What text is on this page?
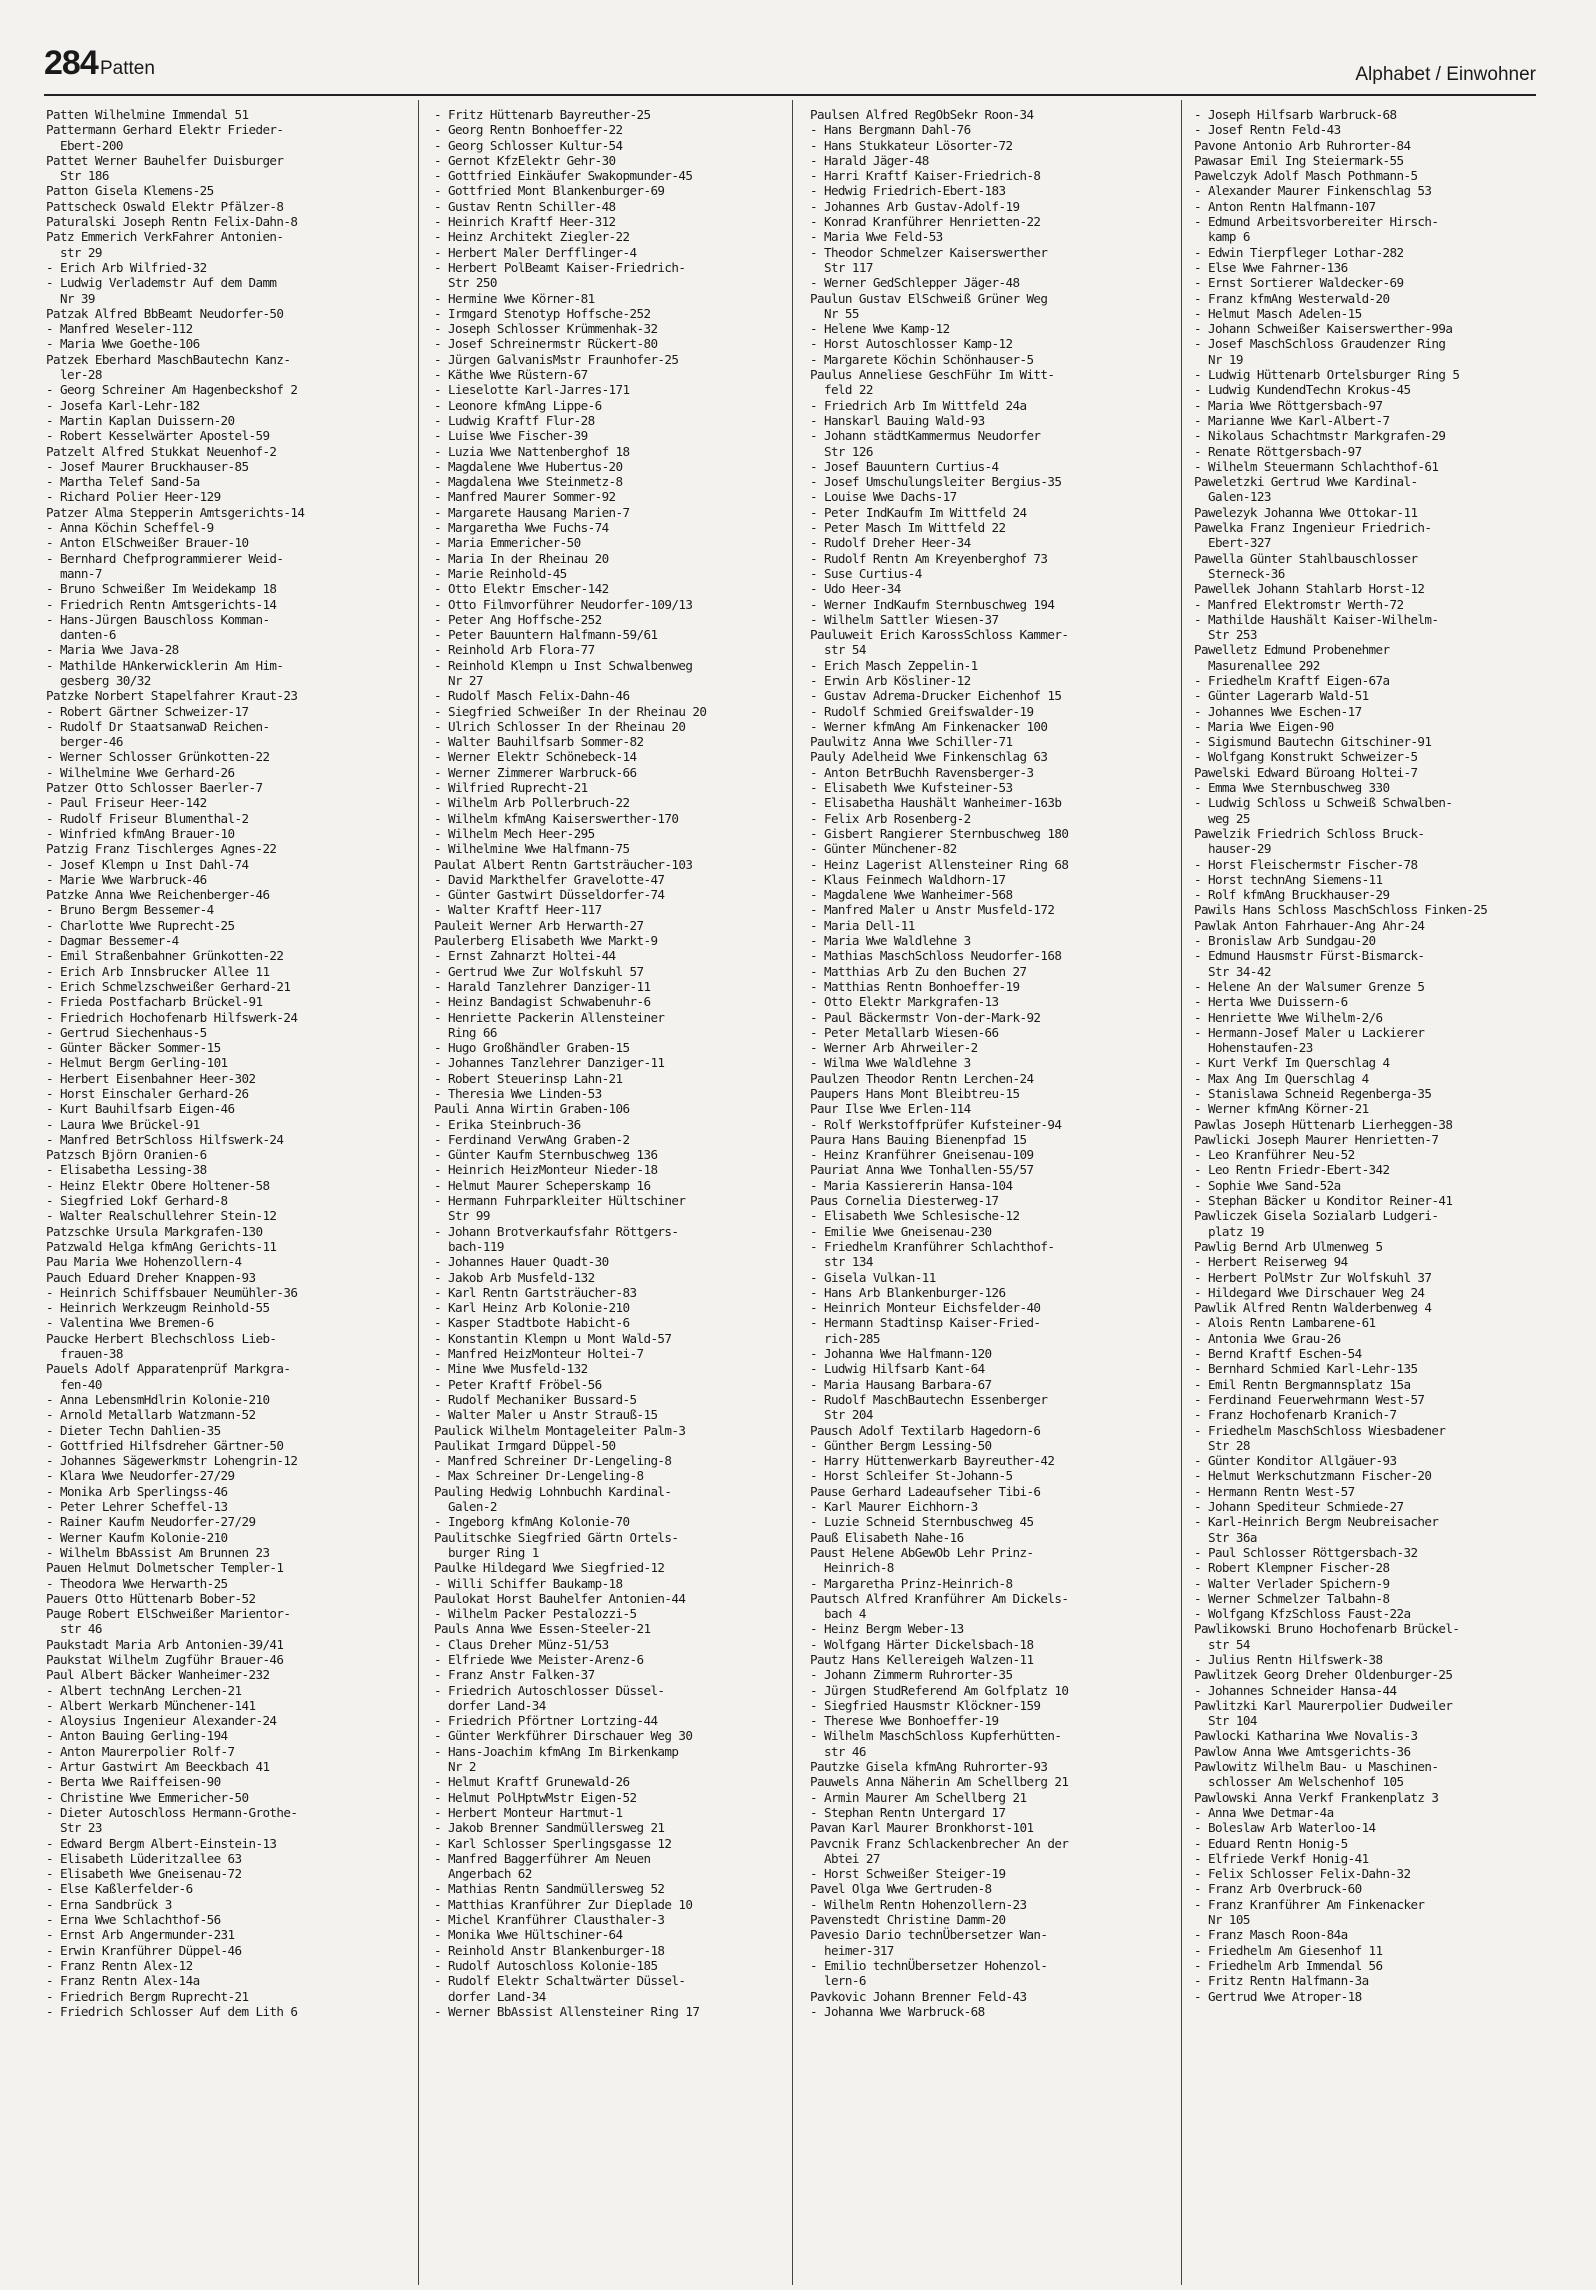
284 Patten	Alphabet / Einwohner
Patten Wilhelmine Immendal 51
Pattermann Gerhard Elektr Frieder-
Ebert-200
Pattet Werner Bauhelfer Duisburger
Str 186
Patton Gisela Klemens-25
Pattscheck Oswald Elektr Pfälzer-8
Paturalski Joseph Rentn Felix-Dahn-8
Patz Emmerich VerkFahrer Antonien-
str 29
- Erich Arb Wilfried-32
- Ludwig Verlademstr Auf dem Damm
Nr 39
Patzak Alfred BbBeamt Neudorfer-50
- Manfred Weseler-112
- Maria Wwe Goethe-106
Patzek Eberhard MaschBautechn Kanz-
ler-28
- Georg Schreiner Am Hagenbeckshof 2
- Josefa Karl-Lehr-182
- Martin Kaplan Duissern-20
- Robert Kesselwärter Apostel-59
Patzelt Alfred Stukkat Neuenhof-2
- Josef Maurer Bruckhauser-85
- Martha Telef Sand-5a
- Richard Polier Heer-129
Patzer Alma Stepperin Amtsgerichts-14
- Anna Köchin Scheffel-9
- Anton ElSchweißer Brauer-10
- Bernhard Chefprogrammierer Weid-
mann-7
- Bruno Schweißer Im Weidekamp 18
- Friedrich Rentn Amtsgerichts-14
- Hans-Jürgen Bauschloss Komman-
danten-6
- Maria Wwe Java-28
- Mathilde HAnkerwicklerin Am Him-
gesberg 30/32
Patzke Norbert Stapelfahrer Kraut-23
- Robert Gärtner Schweizer-17
- Rudolf Dr StaatsanwaD Reichen-
berger-46
- Werner Schlosser Grünkotten-22
- Wilhelmine Wwe Gerhard-26
Patzer Otto Schlosser Baerler-7
- Paul Friseur Heer-142
- Rudolf Friseur Blumenthal-2
- Winfried kfmAng Brauer-10
Patzig Franz Tischlerges Agnes-22
- Josef Klempn u Inst Dahl-74
- Marie Wwe Warbruck-46
Patzke Anna Wwe Reichenberger-46
- Bruno Bergm Bessemer-4
- Charlotte Wwe Ruprecht-25
- Dagmar Bessemer-4
- Emil Straßenbahner Grünkotten-22
- Erich Arb Innsbrucker Allee 11
- Erich Schmelzschweißer Gerhard-21
- Frieda Postfacharb Brückel-91
- Friedrich Hochofenarb Hilfswerk-24
- Gertrud Siechenhaus-5
- Günter Bäcker Sommer-15
- Helmut Bergm Gerling-101
- Herbert Eisenbahner Heer-302
- Horst Einschaler Gerhard-26
- Kurt Bauhilfsarb Eigen-46
- Laura Wwe Brückel-91
- Manfred BetrSchloss Hilfswerk-24
Patzsch Björn Oranien-6
- Elisabetha Lessing-38
- Heinz Elektr Obere Holtener-58
- Siegfried Lokf Gerhard-8
- Walter Realschullehrer Stein-12
Patzschke Ursula Markgrafen-130
Patzwald Helga kfmAng Gerichts-11
Pau Maria Wwe Hohenzollern-4
Pauch Eduard Dreher Knappen-93
- Heinrich Schiffsbauer Neumühler-36
- Heinrich Werkzeugm Reinhold-55
- Valentina Wwe Bremen-6
Paucke Herbert Blechschloss Lieb-
frauen-38
Pauels Adolf Apparatenprüf Markgra-
fen-40
- Anna LebensmHdlrin Kolonie-210
- Arnold Metallarb Watzmann-52
- Dieter Techn Dahlien-35
- Gottfried Hilfsdreher Gärtner-50
- Johannes Sägewerkmstr Lohengrin-12
- Klara Wwe Neudorfer-27/29
- Monika Arb Sperlingss-46
- Peter Lehrer Scheffel-13
- Rainer Kaufm Neudorfer-27/29
- Werner Kaufm Kolonie-210
- Wilhelm BbAssist Am Brunnen 23
Pauen Helmut Dolmetscher Templer-1
- Theodora Wwe Herwarth-25
Pauers Otto Hüttenarb Bober-52
Pauge Robert ElSchweißer Marientor-
str 46
Paukstadt Maria Arb Antonien-39/41
Paukstat Wilhelm Zugführ Brauer-46
Paul Albert Bäcker Wanheimer-232
- Albert technAng Lerchen-21
- Albert Werkarb Münchener-141
- Aloysius Ingenieur Alexander-24
- Anton Bauing Gerling-194
- Anton Maurerpolier Rolf-7
- Artur Gastwirt Am Beeckbach 41
- Berta Wwe Raiffeisen-90
- Christine Wwe Emmericher-50
- Dieter Autoschloss Hermann-Grothe-
Str 23
- Edward Bergm Albert-Einstein-13
- Elisabeth Lüderitzallee 63
- Elisabeth Wwe Gneisenau-72
- Else Kaßlerfelder-6
- Erna Sandbrück 3
- Erna Wwe Schlachthof-56
- Ernst Arb Angermunder-231
- Erwin Kranführer Düppel-46
- Franz Rentn Alex-12
- Franz Rentn Alex-14a
- Friedrich Bergm Ruprecht-21
- Friedrich Schlosser Auf dem Lith 6
- Fritz Hüttenarb Bayreuther-25
- Georg Rentn Bonhoeffer-22
- Georg Schlosser Kultur-54
- Gernot KfzElektr Gehr-30
- Gottfried Einkäufer Swakopmunder-45
- Gottfried Mont Blankenburger-69
- Gustav Rentn Schiller-48
- Heinrich Kraftf Heer-312
- Heinz Architekt Ziegler-22
- Herbert Maler Derfflinger-4
- Herbert PolBeamt Kaiser-Friedrich-
Str 250
- Hermine Wwe Körner-81
- Irmgard Stenotyp Hoffsche-252
- Joseph Schlosser Krümmenhak-32
- Josef Schreinermstr Rückert-80
- Jürgen GalvanisMstr Fraunhofer-25
- Käthe Wwe Rüstern-67
- Lieselotte Karl-Jarres-171
- Leonore kfmAng Lippe-6
- Ludwig Kraftf Flur-28
- Luise Wwe Fischer-39
- Luzia Wwe Nattenberghof 18
- Magdalene Wwe Hubertus-20
- Magdalena Wwe Steinmetz-8
- Manfred Maurer Sommer-92
- Margarete Hausang Marien-7
- Margaretha Wwe Fuchs-74
- Maria Emmericher-50
- Maria In der Rheinau 20
- Marie Reinhold-45
- Otto Elektr Emscher-142
- Otto Filmvorführer Neudorfer-109/13
- Peter Ang Hoffsche-252
- Peter Bauuntern Halfmann-59/61
- Reinhold Arb Flora-77
- Reinhold Klempn u Inst Schwalbenweg
Nr 27
- Rudolf Masch Felix-Dahn-46
- Siegfried Schweißer In der Rheinau 20
- Ulrich Schlosser In der Rheinau 20
- Walter Bauhilfsarb Sommer-82
- Werner Elektr Schönebeck-14
- Werner Zimmerer Warbruck-66
- Wilfried Ruprecht-21
- Wilhelm Arb Pollerbruch-22
- Wilhelm kfmAng Kaiserswerther-170
- Wilhelm Mech Heer-295
- Wilhelmine Wwe Halfmann-75
Paulat Albert Rentn Gartsträucher-103
- David Markthelfer Gravelotte-47
- Günter Gastwirt Düsseldorfer-74
- Walter Kraftf Heer-117
Pauleit Werner Arb Herwarth-27
Paulerberg Elisabeth Wwe Markt-9
- Ernst Zahnarzt Holtei-44
- Gertrud Wwe Zur Wolfskuhl 57
- Harald Tanzlehrer Danziger-11
- Heinz Bandagist Schwabenuhr-6
- Henriette Packerin Allensteiner
Ring 66
- Hugo Großhändler Graben-15
- Johannes Tanzlehrer Danziger-11
- Robert Steuerinsp Lahn-21
- Theresia Wwe Linden-53
Pauli Anna Wirtin Graben-106
- Erika Steinbruch-36
- Ferdinand VerwAng Graben-2
- Günter Kaufm Sternbuschweg 136
- Heinrich HeizMonteur Nieder-18
- Helmut Maurer Scheperskamp 16
- Hermann Fuhrparkleiter Hültschiner
Str 99
- Johann Brotverkaufsfahr Röttgers-
bach-119
- Johannes Hauer Quadt-30
- Jakob Arb Musfeld-132
- Karl Rentn Gartsträucher-83
- Karl Heinz Arb Kolonie-210
- Kasper Stadtbote Habicht-6
- Konstantin Klempn u Mont Wald-57
- Manfred HeizMonteur Holtei-7
- Mine Wwe Musfeld-132
- Peter Kraftf Fröbel-56
- Rudolf Mechaniker Bussard-5
- Walter Maler u Anstr Strauß-15
Paulick Wilhelm Montageleiter Palm-3
Paulikat Irmgard Düppel-50
- Manfred Schreiner Dr-Lengeling-8
- Max Schreiner Dr-Lengeling-8
Pauling Hedwig Lohnbuchh Kardinal-
Galen-2
- Ingeborg kfmAng Kolonie-70
Paulitschke Siegfried Gärtn Ortels-
burger Ring 1
Paulke Hildegard Wwe Siegfried-12
- Willi Schiffer Baukamp-18
Paulokat Horst Bauhelfer Antonien-44
- Wilhelm Packer Pestalozzi-5
Pauls Anna Wwe Essen-Steeler-21
- Claus Dreher Münz-51/53
- Elfriede Wwe Meister-Arenz-6
- Franz Anstr Falken-37
- Friedrich Autoschlosser Düssel-
dorfer Land-34
- Friedrich Pförtner Lortzing-44
- Günter Werkführer Dirschauer Weg 30
- Hans-Joachim kfmAng Im Birkenkamp
Nr 2
- Helmut Kraftf Grunewald-26
- Helmut PolHptwMstr Eigen-52
- Herbert Monteur Hartmut-1
- Jakob Brenner Sandmüllersweg 21
- Karl Schlosser Sperlingsgasse 12
- Manfred Baggerführer Am Neuen
Angerbach 62
- Mathias Rentn Sandmüllersweg 52
- Matthias Kranführer Zur Dieplade 10
- Michel Kranführer Clausthaler-3
- Monika Wwe Hültschiner-64
- Reinhold Anstr Blankenburger-18
- Rudolf Autoschloss Kolonie-185
- Rudolf Elektr Schaltwärter Düssel-
dorfer Land-34
- Werner BbAssist Allensteiner Ring 17
Paulsen Alfred RegObSekr Roon-34
- Hans Bergmann Dahl-76
- Hans Stukkateur Lösorter-72
- Harald Jäger-48
- Harri Kraftf Kaiser-Friedrich-8
- Hedwig Friedrich-Ebert-183
- Johannes Arb Gustav-Adolf-19
- Konrad Kranführer Henrietten-22
- Maria Wwe Feld-53
- Theodor Schmelzer Kaiserswerther
Str 117
- Werner GedSchlepper Jäger-48
Paulun Gustav ElSchweiß Grüner Weg
Nr 55
- Helene Wwe Kamp-12
- Horst Autoschlosser Kamp-12
- Margarete Köchin Schönhauser-5
Paulus Anneliese GeschFühr Im Witt-
feld 22
- Friedrich Arb Im Wittfeld 24a
- Hanskarl Bauing Wald-93
- Johann städtKammermus Neudorfer
Str 126
- Josef Bauuntern Curtius-4
- Josef Umschulungsleiter Bergius-35
- Louise Wwe Dachs-17
- Peter IndKaufm Im Wittfeld 24
- Peter Masch Im Wittfeld 22
- Rudolf Dreher Heer-34
- Rudolf Rentn Am Kreyenberghof 73
- Suse Curtius-4
- Udo Heer-34
- Werner IndKaufm Sternbuschweg 194
- Wilhelm Sattler Wiesen-37
Pauluweit Erich KarossSchloss Kammer-
str 54
- Erich Masch Zeppelin-1
- Erwin Arb Kösliner-12
- Gustav Adrema-Drucker Eichenhof 15
- Rudolf Schmied Greifswalder-19
- Werner kfmAng Am Finkenacker 100
Paulwitz Anna Wwe Schiller-71
Pauly Adelheid Wwe Finkenschlag 63
- Anton BetrBuchh Ravensberger-3
- Elisabeth Wwe Kufsteiner-53
- Elisabetha Haushält Wanheimer-163b
- Felix Arb Rosenberg-2
- Gisbert Rangierer Sternbuschweg 180
- Günter Münchener-82
- Heinz Lagerist Allensteiner Ring 68
- Klaus Feinmech Waldhorn-17
- Magdalene Wwe Wanheimer-568
- Manfred Maler u Anstr Musfeld-172
- Maria Dell-11
- Maria Wwe Waldlehne 3
- Mathias MaschSchloss Neudorfer-168
- Matthias Arb Zu den Buchen 27
- Matthias Rentn Bonhoeffer-19
- Otto Elektr Markgrafen-13
- Paul Bäckermstr Von-der-Mark-92
- Peter Metallarb Wiesen-66
- Werner Arb Ahrweiler-2
- Wilma Wwe Waldlehne 3
Paulzen Theodor Rentn Lerchen-24
Paupers Hans Mont Bleibtreu-15
Paur Ilse Wwe Erlen-114
- Rolf Werkstoffprüfer Kufsteiner-94
Paura Hans Bauing Bienenpfad 15
- Heinz Kranführer Gneisenau-109
Pauriat Anna Wwe Tonhallen-55/57
- Maria Kassiererin Hansa-104
Paus Cornelia Diesterweg-17
- Elisabeth Wwe Schlesische-12
- Emilie Wwe Gneisenau-230
- Friedhelm Kranführer Schlachthof-
str 134
- Gisela Vulkan-11
- Hans Arb Blankenburger-126
- Heinrich Monteur Eichsfelder-40
- Hermann Stadtinsp Kaiser-Fried-
rich-285
- Johanna Wwe Halfmann-120
- Ludwig Hilfsarb Kant-64
- Maria Hausang Barbara-67
- Rudolf MaschBautechn Essenberger
Str 204
Pausch Adolf Textilarb Hagedorn-6
- Günther Bergm Lessing-50
- Harry Hüttenwerkarb Bayreuther-42
- Horst Schleifer St-Johann-5
Pause Gerhard Ladeaufseher Tibi-6
- Karl Maurer Eichhorn-3
- Luzie Schneid Sternbuschweg 45
Pauß Elisabeth Nahe-16
Paust Helene AbGewOb Lehr Prinz-
Heinrich-8
- Margaretha Prinz-Heinrich-8
Pautsch Alfred Kranführer Am Dickels-
bach 4
- Heinz Bergm Weber-13
- Wolfgang Härter Dickelsbach-18
Pautz Hans Kellereigeh Walzen-11
- Johann Zimmerm Ruhrorter-35
- Jürgen StudReferend Am Golfplatz 10
- Siegfried Hausmstr Klöckner-159
- Therese Wwe Bonhoeffer-19
- Wilhelm MaschSchloss Kupferhütten-
str 46
Pautzke Gisela kfmAng Ruhrorter-93
Pauwels Anna Näherin Am Schellberg 21
- Armin Maurer Am Schellberg 21
- Stephan Rentn Untergard 17
Pavan Karl Maurer Bronkhorst-101
Pavcnik Franz Schlackenbrecher An der
Abtei 27
- Horst Schweißer Steiger-19
Pavel Olga Wwe Gertruden-8
- Wilhelm Rentn Hohenzollern-23
Pavenstedt Christine Damm-20
Pavesio Dario technÜbersetzer Wan-
heimer-317
- Emilio technÜbersetzer Hohenzol-
lern-6
Pavkovic Johann Brenner Feld-43
- Johanna Wwe Warbruck-68
- Joseph Hilfsarb Warbruck-68
- Josef Rentn Feld-43
Pavone Antonio Arb Ruhrorter-84
Pawasar Emil Ing Steiermark-55
Pawelczyk Adolf Masch Pothmann-5
- Alexander Maurer Finkenschlag 53
- Anton Rentn Halfmann-107
- Edmund Arbeitsvorbereiter Hirsch-
kamp 6
- Edwin Tierpfleger Lothar-282
- Else Wwe Fahrner-136
- Ernst Sortierer Waldecker-69
- Franz kfmAng Westerwald-20
- Helmut Masch Adelen-15
- Johann Schweißer Kaiserswerther-99a
- Josef MaschSchloss Graudenzer Ring
Nr 19
- Ludwig Hüttenarb Ortelsburger Ring 5
- Ludwig KundendTechn Krokus-45
- Maria Wwe Röttgersbach-97
- Marianne Wwe Karl-Albert-7
- Nikolaus Schachtmstr Markgrafen-29
- Renate Röttgersbach-97
- Wilhelm Steuermann Schlachthof-61
Paweletzki Gertrud Wwe Kardinal-
Galen-123
Pawelezyk Johanna Wwe Ottokar-11
Pawelka Franz Ingenieur Friedrich-
Ebert-327
Pawella Günter Stahlbauschlosser
Sterneck-36
Pawellek Johann Stahlarb Horst-12
- Manfred Elektromstr Werth-72
- Mathilde Haushält Kaiser-Wilhelm-
Str 253
Pawelletz Edmund Probenehmer
Masurenallee 292
- Friedhelm Kraftf Eigen-67a
- Günter Lagerarb Wald-51
- Johannes Wwe Eschen-17
- Maria Wwe Eigen-90
- Sigismund Bautechn Gitschiner-91
- Wolfgang Konstrukt Schweizer-5
Pawelski Edward Büroang Holtei-7
- Emma Wwe Sternbuschweg 330
- Ludwig Schloss u Schweiß Schwalben-
weg 25
Pawelzik Friedrich Schloss Bruck-
hauser-29
- Horst Fleischermstr Fischer-78
- Horst technAng Siemens-11
- Rolf kfmAng Bruckhauser-29
Pawils Hans Schloss MaschSchloss Finken-25
Pawlak Anton Fahrhauer-Ang Ahr-24
- Bronislaw Arb Sundgau-20
- Edmund Hausmstr Fürst-Bismarck-
Str 34-42
- Helene An der Walsumer Grenze 5
- Herta Wwe Duissern-6
- Henriette Wwe Wilhelm-2/6
- Hermann-Josef Maler u Lackierer
Hohenstaufen-23
- Kurt Verkf Im Querschlag 4
- Max Ang Im Querschlag 4
- Stanislawa Schneid Regenberga-35
- Werner kfmAng Körner-21
Pawlas Joseph Hüttenarb Lierheggen-38
Pawlicki Joseph Maurer Henrietten-7
- Leo Kranführer Neu-52
- Leo Rentn Friedr-Ebert-342
- Sophie Wwe Sand-52a
- Stephan Bäcker u Konditor Reiner-41
Pawliczek Gisela Sozialarb Ludgeri-
platz 19
Pawlig Bernd Arb Ulmenweg 5
- Herbert Reiserweg 94
- Herbert PolMstr Zur Wolfskuhl 37
- Hildegard Wwe Dirschauer Weg 24
Pawlik Alfred Rentn Walderbenweg 4
- Alois Rentn Lambarene-61
- Antonia Wwe Grau-26
- Bernd Kraftf Eschen-54
- Bernhard Schmied Karl-Lehr-135
- Emil Rentn Bergmannsplatz 15a
- Ferdinand Feuerwehrmann West-57
- Franz Hochofenarb Kranich-7
- Friedhelm MaschSchloss Wiesbadener
Str 28
- Günter Konditor Allgäuer-93
- Helmut Werkschutzmann Fischer-20
- Hermann Rentn West-57
- Johann Spediteur Schmiede-27
- Karl-Heinrich Bergm Neubreisacher
Str 36a
- Paul Schlosser Röttgersbach-32
- Robert Klempner Fischer-28
- Walter Verlader Spichern-9
- Werner Schmelzer Talbahn-8
- Wolfgang KfzSchloss Faust-22a
Pawlikowski Bruno Hochofenarb Brückel-
str 54
- Julius Rentn Hilfswerk-38
Pawlitzek Georg Dreher Oldenburger-25
- Johannes Schneider Hansa-44
Pawlitzki Karl Maurerpolier Dudweiler
Str 104
Pawlocki Katharina Wwe Novalis-3
Pawlow Anna Wwe Amtsgerichts-36
Pawlowitz Wilhelm Bau- u Maschinen-
schlosser Am Welschenhof 105
Pawlowski Anna Verkf Frankenplatz 3
- Anna Wwe Detmar-4a
- Boleslaw Arb Waterloo-14
- Eduard Rentn Honig-5
- Elfriede Verkf Honig-41
- Felix Schlosser Felix-Dahn-32
- Franz Arb Overbruck-60
- Franz Kranführer Am Finkenacker
Nr 105
- Franz Masch Roon-84a
- Friedhelm Am Giesenhof 11
- Friedhelm Arb Immendal 56
- Fritz Rentn Halfmann-3a
- Gertrud Wwe Atroper-18
